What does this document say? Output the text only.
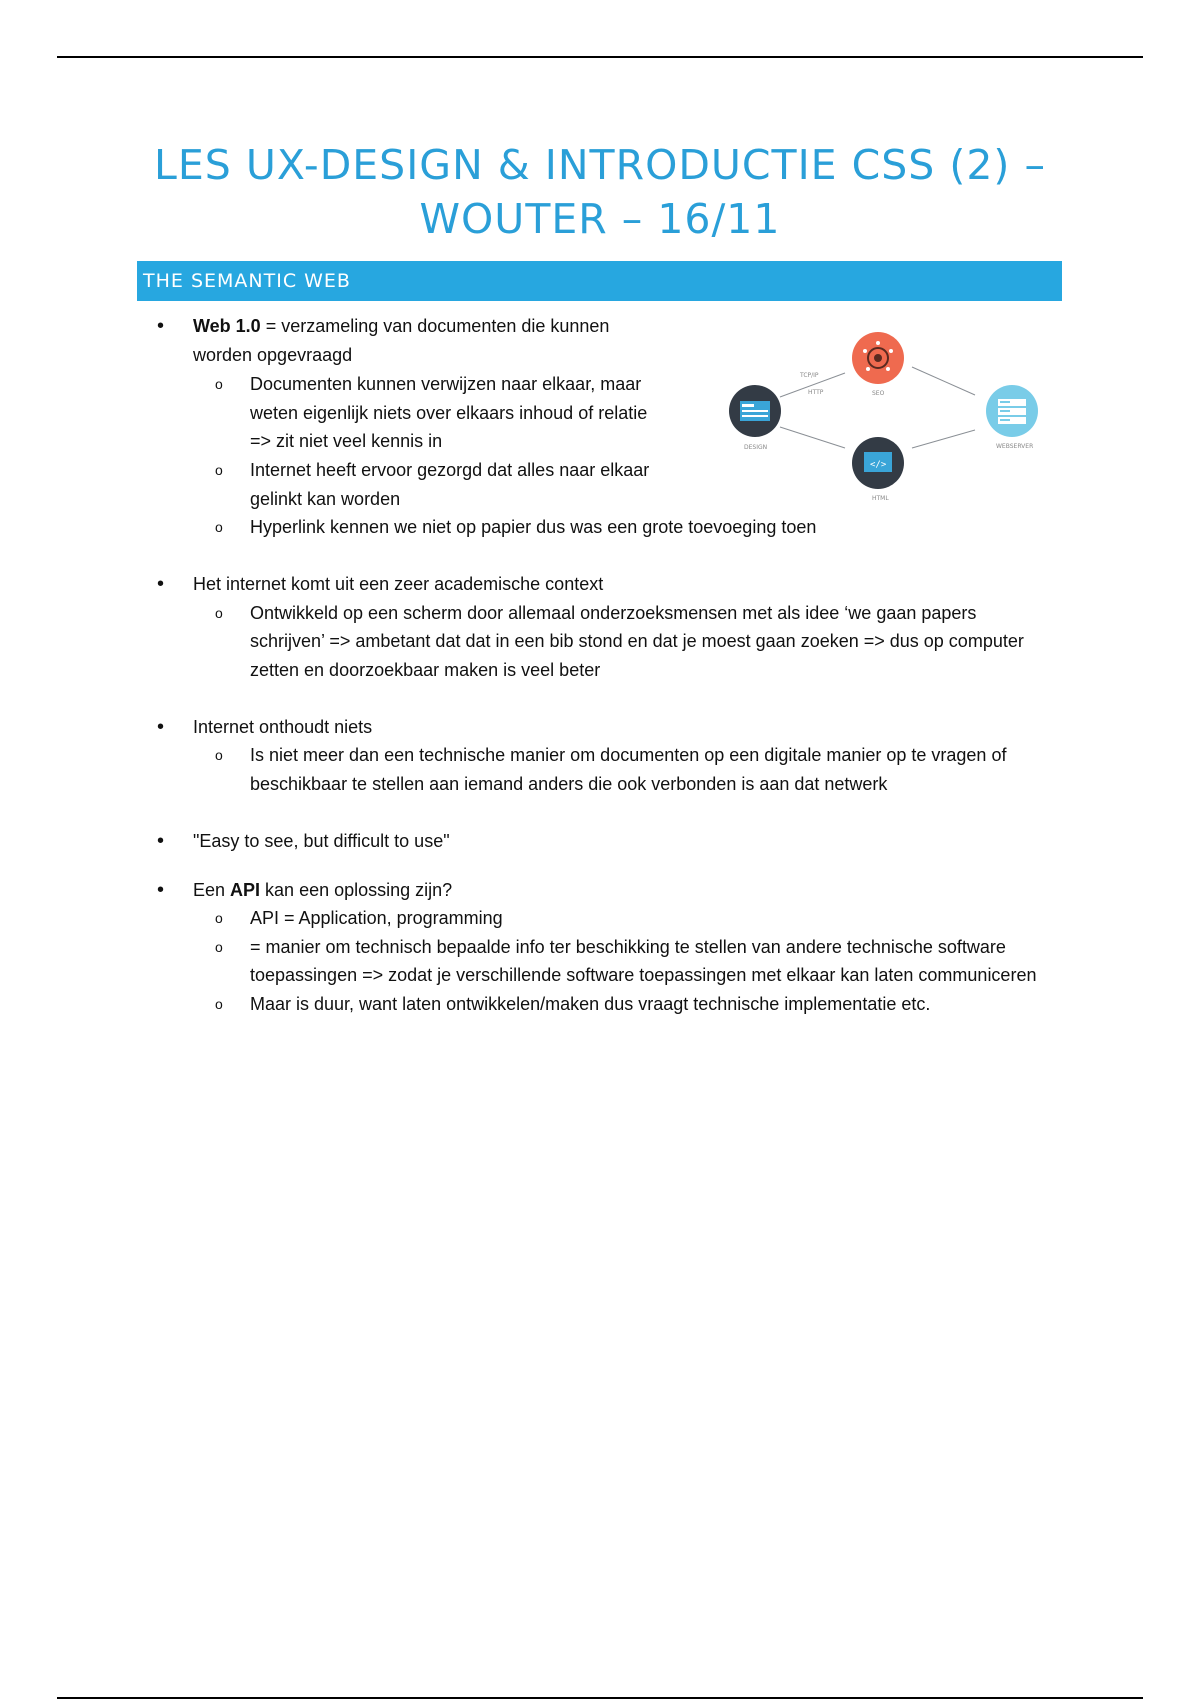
LES UX-DESIGN & INTRODUCTIE CSS (2) –
WOUTER – 16/11
THE SEMANTIC WEB
TCP/IP
HTTP
DESIGN
SEO
</>
HTML
WEBSERVER
• Web 1.0 = verzameling van documenten die kunnen
worden opgevraagd
o Documenten kunnen verwijzen naar elkaar, maar
weten eigenlijk niets over elkaars inhoud of relatie
=> zit niet veel kennis in
o Internet heeft ervoor gezorgd dat alles naar elkaar
gelinkt kan worden
o Hyperlink kennen we niet op papier dus was een grote toevoeging toen
• Het internet komt uit een zeer academische context
o Ontwikkeld op een scherm door allemaal onderzoeksmensen met als idee ‘we gaan papers
schrijven’ => ambetant dat dat in een bib stond en dat je moest gaan zoeken => dus op computer
zetten en doorzoekbaar maken is veel beter
• Internet onthoudt niets
o Is niet meer dan een technische manier om documenten op een digitale manier op te vragen of
beschikbaar te stellen aan iemand anders die ook verbonden is aan dat netwerk
• "Easy to see, but difficult to use"
• Een API kan een oplossing zijn?
o API = Application, programming
o = manier om technisch bepaalde info ter beschikking te stellen van andere technische software
toepassingen => zodat je verschillende software toepassingen met elkaar kan laten communiceren
o Maar is duur, want laten ontwikkelen/maken dus vraagt technische implementatie etc.
